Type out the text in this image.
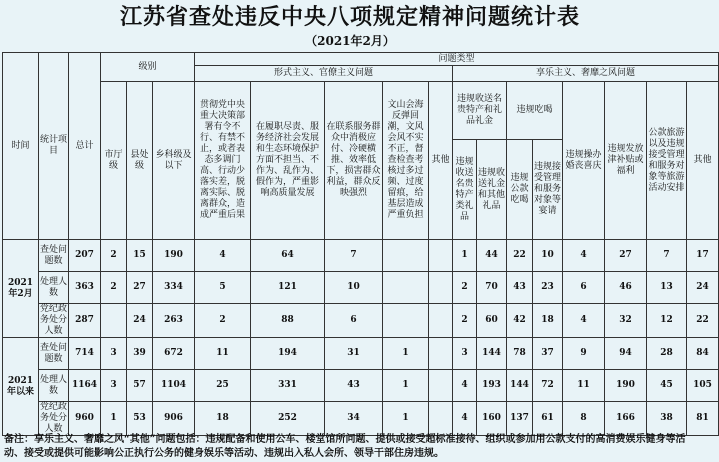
江苏省查处违反中央八项规定精神问题统计表
（2021年2月）
时间	统计项目	总计	级别			问题类型												
						形式主义、官僚主义问题					享乐主义、奢靡之风问题							
			市厅级	县处级	乡科级及以下	贯彻党中央重大决策部署有令不行、有禁不止，或者表态多调门高、行动少落实差，脱离实际、脱离群众，造成严重后果	在履职尽责、服务经济社会发展和生态环境保护方面不担当、不作为、乱作为、假作为，严重影响高质量发展	在联系服务群众中消极应付、冷硬横推、效率低下，损害群众利益，群众反映强烈	文山会海反弹回潮，文风会风不实不正，督查检查考核过多过频、过度留痕，给基层造成严重负担	其他	违规收送名贵特产和礼品礼金		违规吃喝		违规操办婚丧喜庆	违规发放津补贴或福利	公款旅游以及违规接受管理和服务对象等旅游活动安排	其他
											违规收送名贵特产类礼品	违规收送礼金和其他礼品	违规公款吃喝	违规接受管理和服务对象等宴请				
2021年2月	查处问题数	207	2	15	190	4	64	7			1	44	22	10	4	27	7	17
	处理人数	363	2	27	334	5	121	10			2	70	43	23	6	46	13	24
	党纪政务处分人数	287		24	263	2	88	6			2	60	42	18	4	32	12	22
2021年以来	查处问题数	714	3	39	672	11	194	31	1		3	144	78	37	9	94	28	84
	处理人数	1164	3	57	1104	25	331	43	1		4	193	144	72	11	190	45	105
	党纪政务处分人数	960	1	53	906	18	252	34	1		4	160	137	61	8	166	38	81
备注：享乐主义、奢靡之风“其他”问题包括：违规配备和使用公车、楼堂馆所问题、提供或接受超标准接待、组织或参加用公款支付的高消费娱乐健身等活动、接受或提供可能影响公正执行公务的健身娱乐等活动、违规出入私人会所、领导干部住房违规。
